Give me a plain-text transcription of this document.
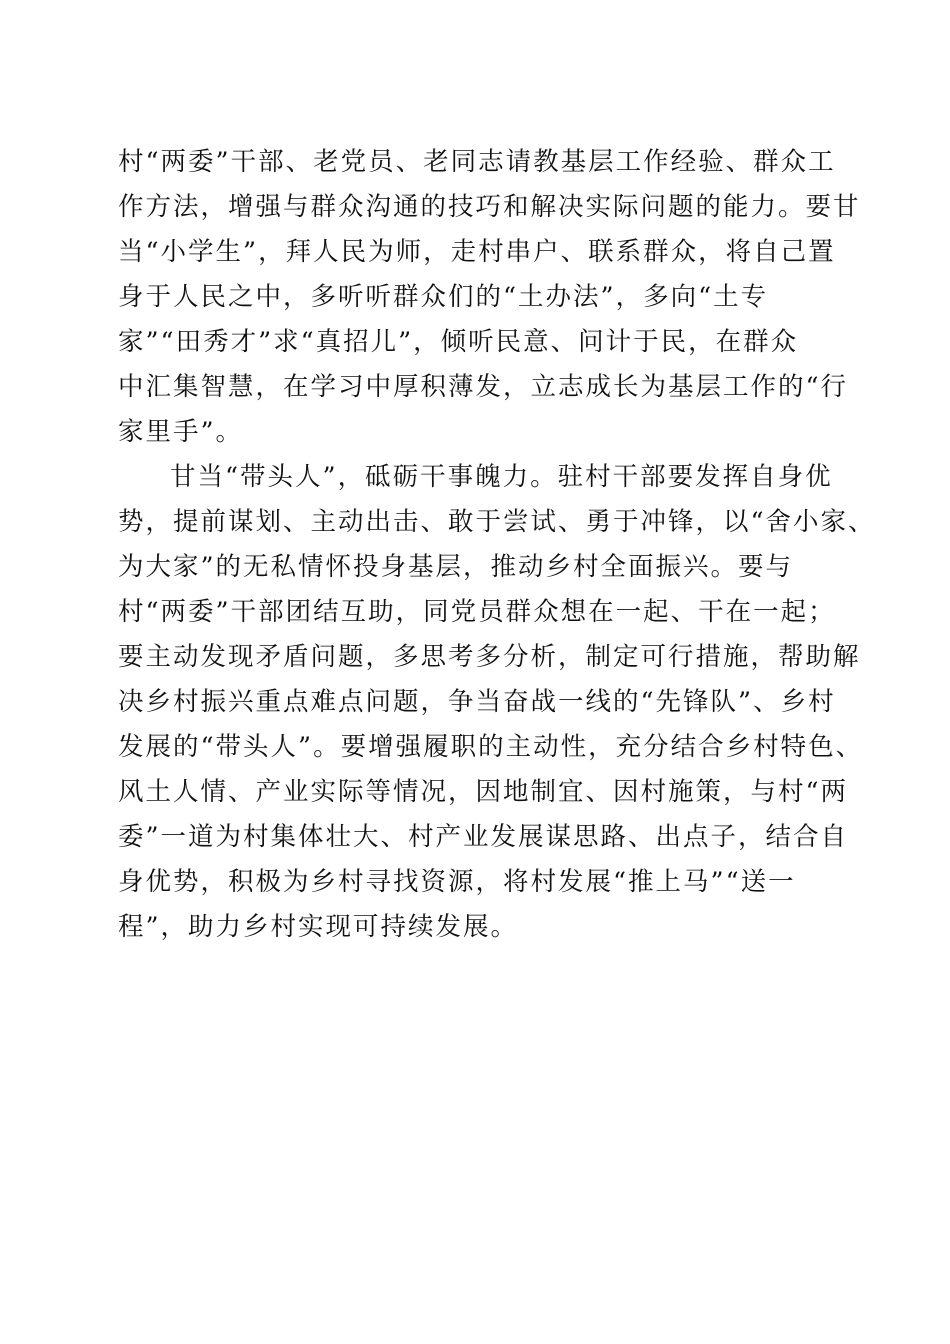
村“两委”干部、老党员、老同志请教基层工作经验、群众工
作方法，增强与群众沟通的技巧和解决实际问题的能力。要甘
当“小学生”，拜人民为师，走村串户、联系群众，将自己置
身于人民之中，多听听群众们的“土办法”，多向“土专
家”“田秀才”求“真招儿”，倾听民意、问计于民，在群众
中汇集智慧，在学习中厚积薄发，立志成长为基层工作的“行
家里手”。
甘当“带头人”，砥砺干事魄力。驻村干部要发挥自身优
势，提前谋划、主动出击、敢于尝试、勇于冲锋，以“舍小家、
为大家”的无私情怀投身基层，推动乡村全面振兴。要与
村“两委”干部团结互助，同党员群众想在一起、干在一起；
要主动发现矛盾问题，多思考多分析，制定可行措施，帮助解
决乡村振兴重点难点问题，争当奋战一线的“先锋队”、乡村
发展的“带头人”。要增强履职的主动性，充分结合乡村特色、
风土人情、产业实际等情况，因地制宜、因村施策，与村“两
委”一道为村集体壮大、村产业发展谋思路、出点子，结合自
身优势，积极为乡村寻找资源，将村发展“推上马”“送一
程”，助力乡村实现可持续发展。
